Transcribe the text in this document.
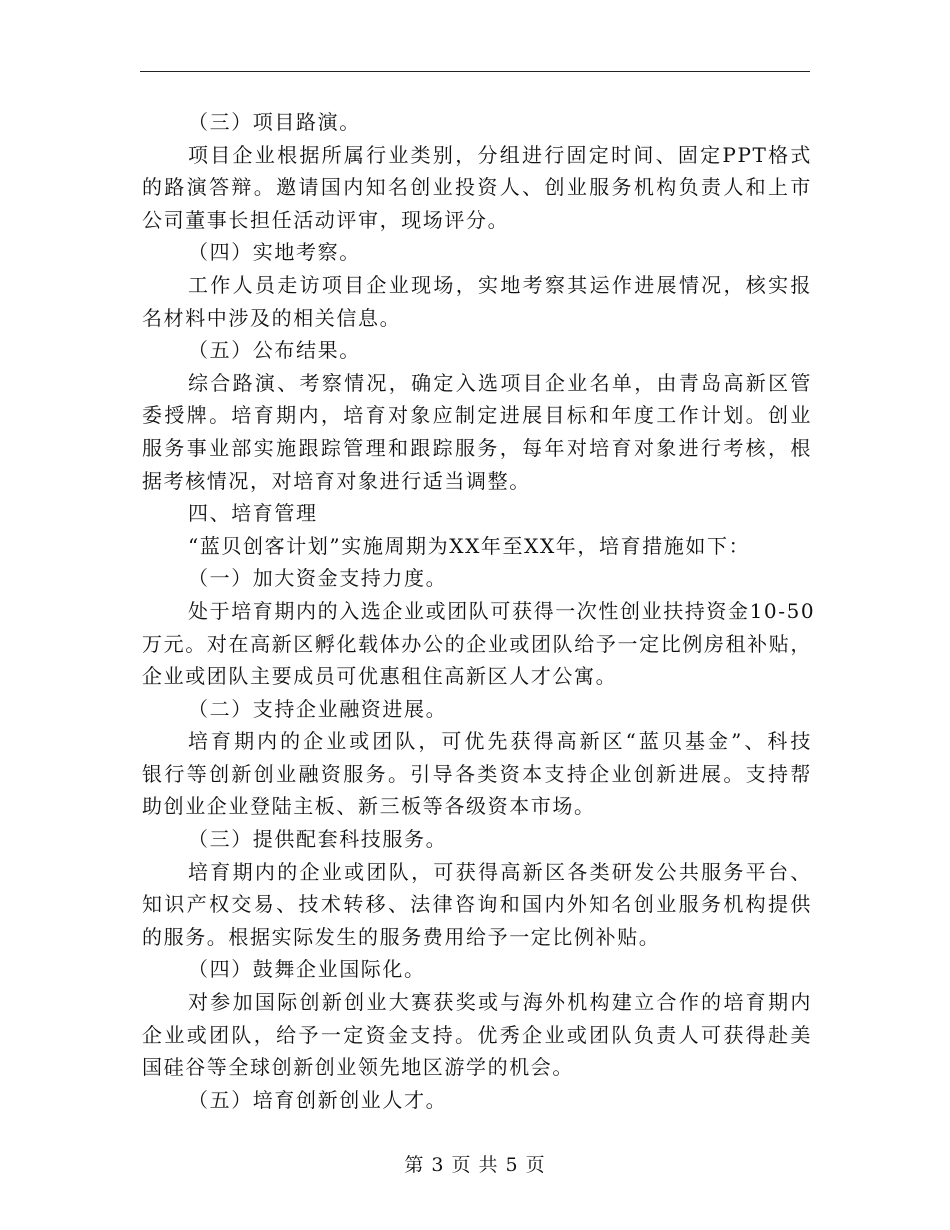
（三）项目路演。
项目企业根据所属行业类别，分组进行固定时间、固定PPT格式
的路演答辩。邀请国内知名创业投资人、创业服务机构负责人和上市
公司董事长担任活动评审，现场评分。
（四）实地考察。
工作人员走访项目企业现场，实地考察其运作进展情况，核实报
名材料中涉及的相关信息。
（五）公布结果。
综合路演、考察情况，确定入选项目企业名单，由青岛高新区管
委授牌。培育期内，培育对象应制定进展目标和年度工作计划。创业
服务事业部实施跟踪管理和跟踪服务，每年对培育对象进行考核，根
据考核情况，对培育对象进行适当调整。
四、培育管理
“蓝贝创客计划”实施周期为XX年至XX年，培育措施如下：
（一）加大资金支持力度。
处于培育期内的入选企业或团队可获得一次性创业扶持资金10-50
万元。对在高新区孵化载体办公的企业或团队给予一定比例房租补贴，
企业或团队主要成员可优惠租住高新区人才公寓。
（二）支持企业融资进展。
培育期内的企业或团队，可优先获得高新区“蓝贝基金”、科技
银行等创新创业融资服务。引导各类资本支持企业创新进展。支持帮
助创业企业登陆主板、新三板等各级资本市场。
（三）提供配套科技服务。
培育期内的企业或团队，可获得高新区各类研发公共服务平台、
知识产权交易、技术转移、法律咨询和国内外知名创业服务机构提供
的服务。根据实际发生的服务费用给予一定比例补贴。
（四）鼓舞企业国际化。
对参加国际创新创业大赛获奖或与海外机构建立合作的培育期内
企业或团队，给予一定资金支持。优秀企业或团队负责人可获得赴美
国硅谷等全球创新创业领先地区游学的机会。
（五）培育创新创业人才。
第 3 页 共 5 页
